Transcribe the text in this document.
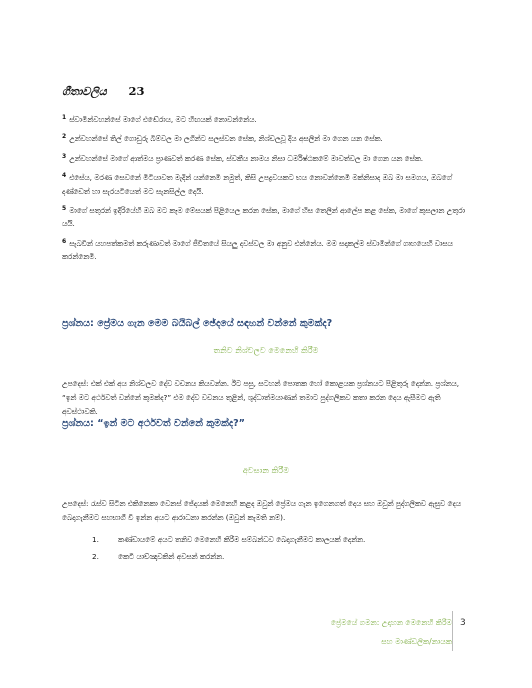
ගීතාවලිය 23
$^1$ ස්වාමීන්වහන්සේ මාගේ එඬේරාය, මට හිඟයක් නොවන්නේය.
$^2$ උන්වහන්සේ තිල් ගොඩුරු බිම්වල මා ලගින්ට සලස්වන සේක, නිශ්චලවූ දිය අසලින් මා ගෙන යන සේක.
$^3$ උන්වහන්සේ මාගේ ආත්මය ප්‍රාණවත් කරණ සේක, ස්වකීය නාමය නිසා ධර්මිෂ්ඨකමේ මාවත්වල මා ගෙන යන සේක.
$^4$ එසේය, මරණ සෙවනේ මිටියාවත මැදින් යන්නෙමි නමුත්, කිසි උපද්‍රවයකට භය නොවන්නෙමි මක්නිසාද ඔබ මා සමගය, ඔබගේ දණ්ඩෙත් හා සැරයටියෙත් මට සැනසිල්ල දෙයි.
$^5$ මාගේ සතුරන් ඉදිරියේහි ඔබ මට කෑම මේසයක් පිළියෙල කරන සේක, මාගේ හිස තෙලින් ආලේප කළ සේක, මාගේ කුසලාන උතුරා යයි.
$^6$ සැබවින් යහපත්කමත් කරුණාවත් මාගේ ජීවිතයේ සියලු දවස්වල මා අනුව එන්නේය. මම සදාකල්ම ස්වාමීන්ගේ ගෘහයෙහි වාසය කරන්නෙමි.
ප්‍රශ්නය: ප්‍රේමය ගැන මෙම බයිබල් ඡේදයේ සඳහන් වන්නේ කුමක්ද?
තනිව නිශ්චලව මෙනෙහි කිරීම
උපදෙස්: එක් එක් අය නිශ්චලව දේව වචනය කියවන්න. ඊට පසු, සටහන් පොතක හෝ කොළයක ප්‍රශ්නයට පිළිතුරු දෙන්න. ප්‍රශ්නය, “ඉන් මට අර්ථවත් වන්නේ කුමක්ද?” එම දේව වචනය තුළින්, ශුද්ධාත්මයාණන් තමාට පුද්ගලිකව කතා කරන දෙය ඇසීමට ඇති අවස්ථාවකි.
ප්‍රශ්නය: “ඉන් මට අර්ථවත් වන්නේ කුමක්ද?”
අවසාන කිරීම
උපදෙස්: රැස්ව සිටින එකිනෙකා වෙනස් ජේදයක් මෙනෙහි කළද ඔවුන් ප්‍රේමය ගැන ඉගෙනගත් දෙය සහ ඔවුන් පුද්ගලිකව ඇසුව දෙය බෙදාගැනීමට සහභාගී වී ඉන්න අයට ආරාධනා කරන්න (ඔවුන් කැමති නම්).
1.	කණ්ඩායමේ අයට තනිව මෙනෙහි කිරීම සම්බන්ධව බෙදාගැනීමට කාලයක් දෙන්න.
2.	කෙටි යාච්ඤාවකින් අවසන් කරන්න.
ප්‍රේමයේ ගමන: උදාහන මෙනෙහි කිරීම
සහ මාණ්ඩලික/නායක
3
